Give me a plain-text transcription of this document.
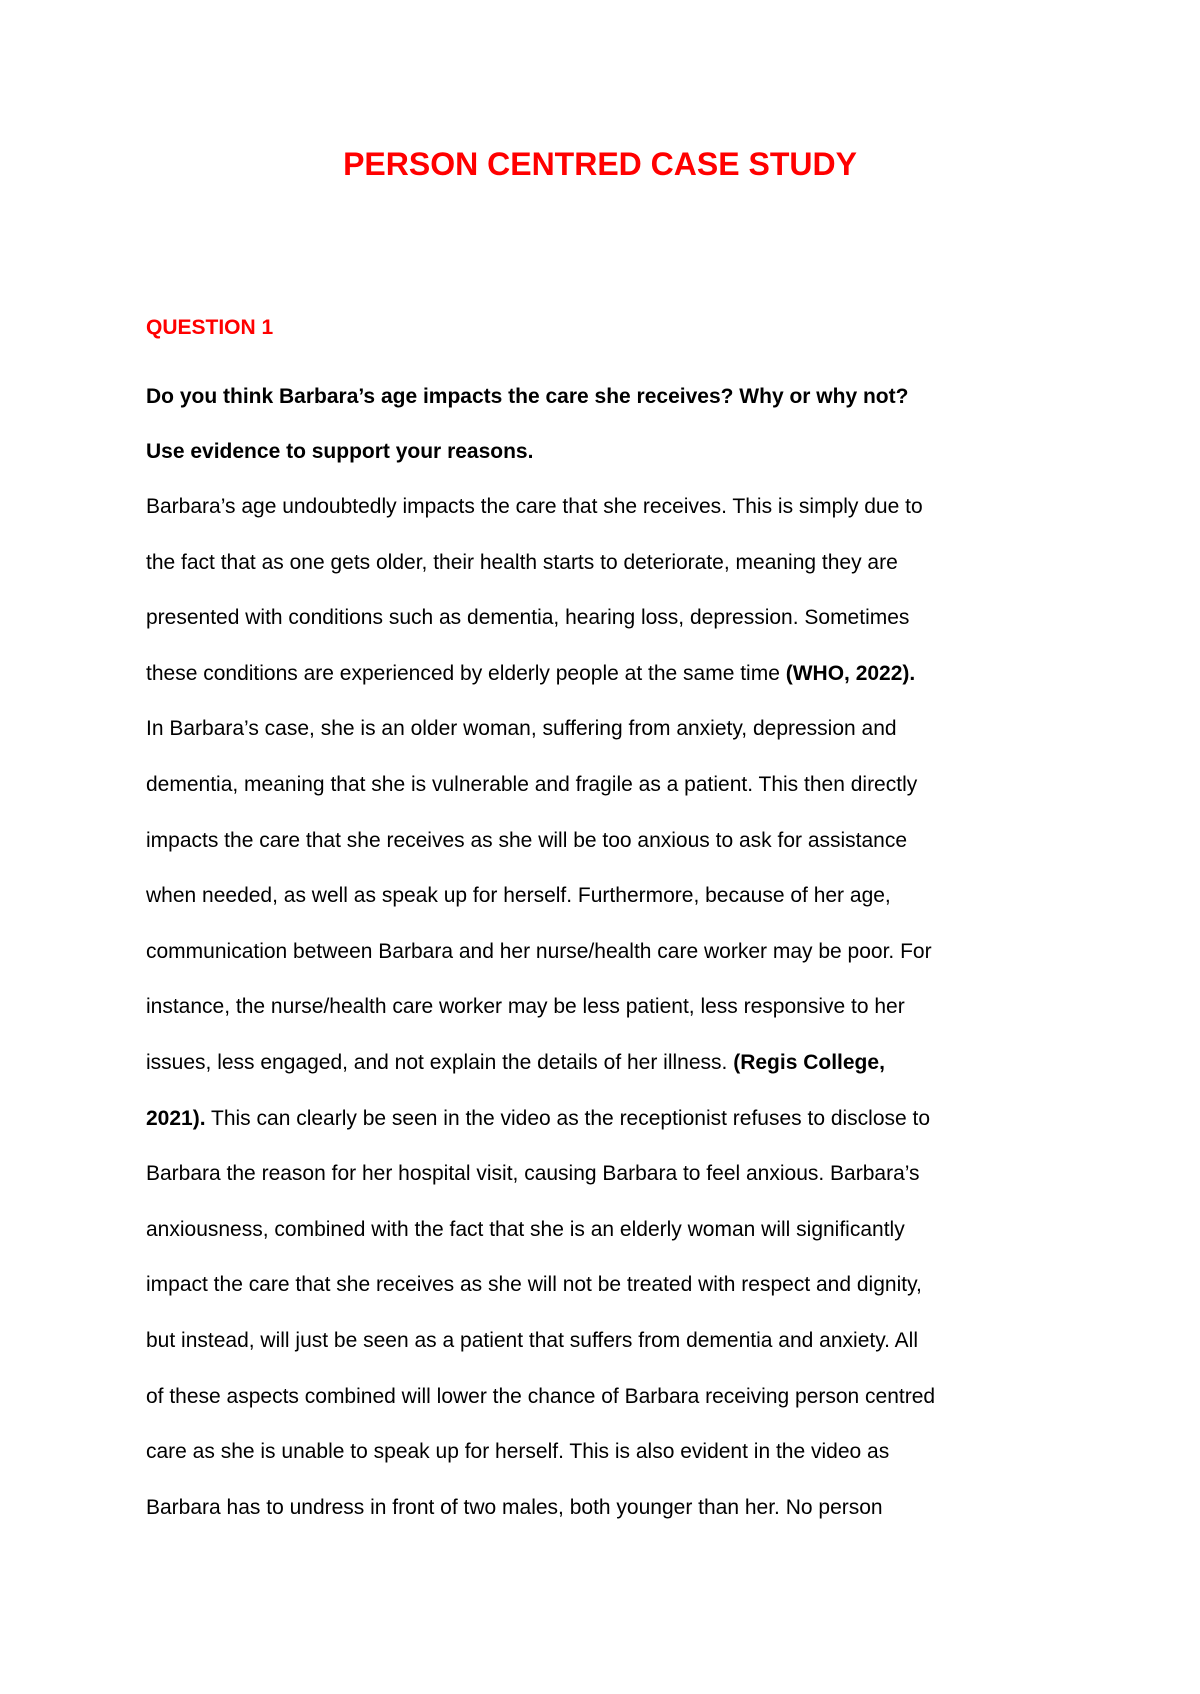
PERSON CENTRED CASE STUDY

QUESTION 1

Do you think Barbara’s age impacts the care she receives? Why or why not?
Use evidence to support your reasons.

Barbara’s age undoubtedly impacts the care that she receives. This is simply due to
the fact that as one gets older, their health starts to deteriorate, meaning they are
presented with conditions such as dementia, hearing loss, depression. Sometimes
these conditions are experienced by elderly people at the same time (WHO, 2022).
In Barbara’s case, she is an older woman, suffering from anxiety, depression and
dementia, meaning that she is vulnerable and fragile as a patient. This then directly
impacts the care that she receives as she will be too anxious to ask for assistance
when needed, as well as speak up for herself. Furthermore, because of her age,
communication between Barbara and her nurse/health care worker may be poor. For
instance, the nurse/health care worker may be less patient, less responsive to her
issues, less engaged, and not explain the details of her illness. (Regis College,
2021). This can clearly be seen in the video as the receptionist refuses to disclose to
Barbara the reason for her hospital visit, causing Barbara to feel anxious. Barbara’s
anxiousness, combined with the fact that she is an elderly woman will significantly
impact the care that she receives as she will not be treated with respect and dignity,
but instead, will just be seen as a patient that suffers from dementia and anxiety. All
of these aspects combined will lower the chance of Barbara receiving person centred
care as she is unable to speak up for herself. This is also evident in the video as
Barbara has to undress in front of two males, both younger than her. No person
